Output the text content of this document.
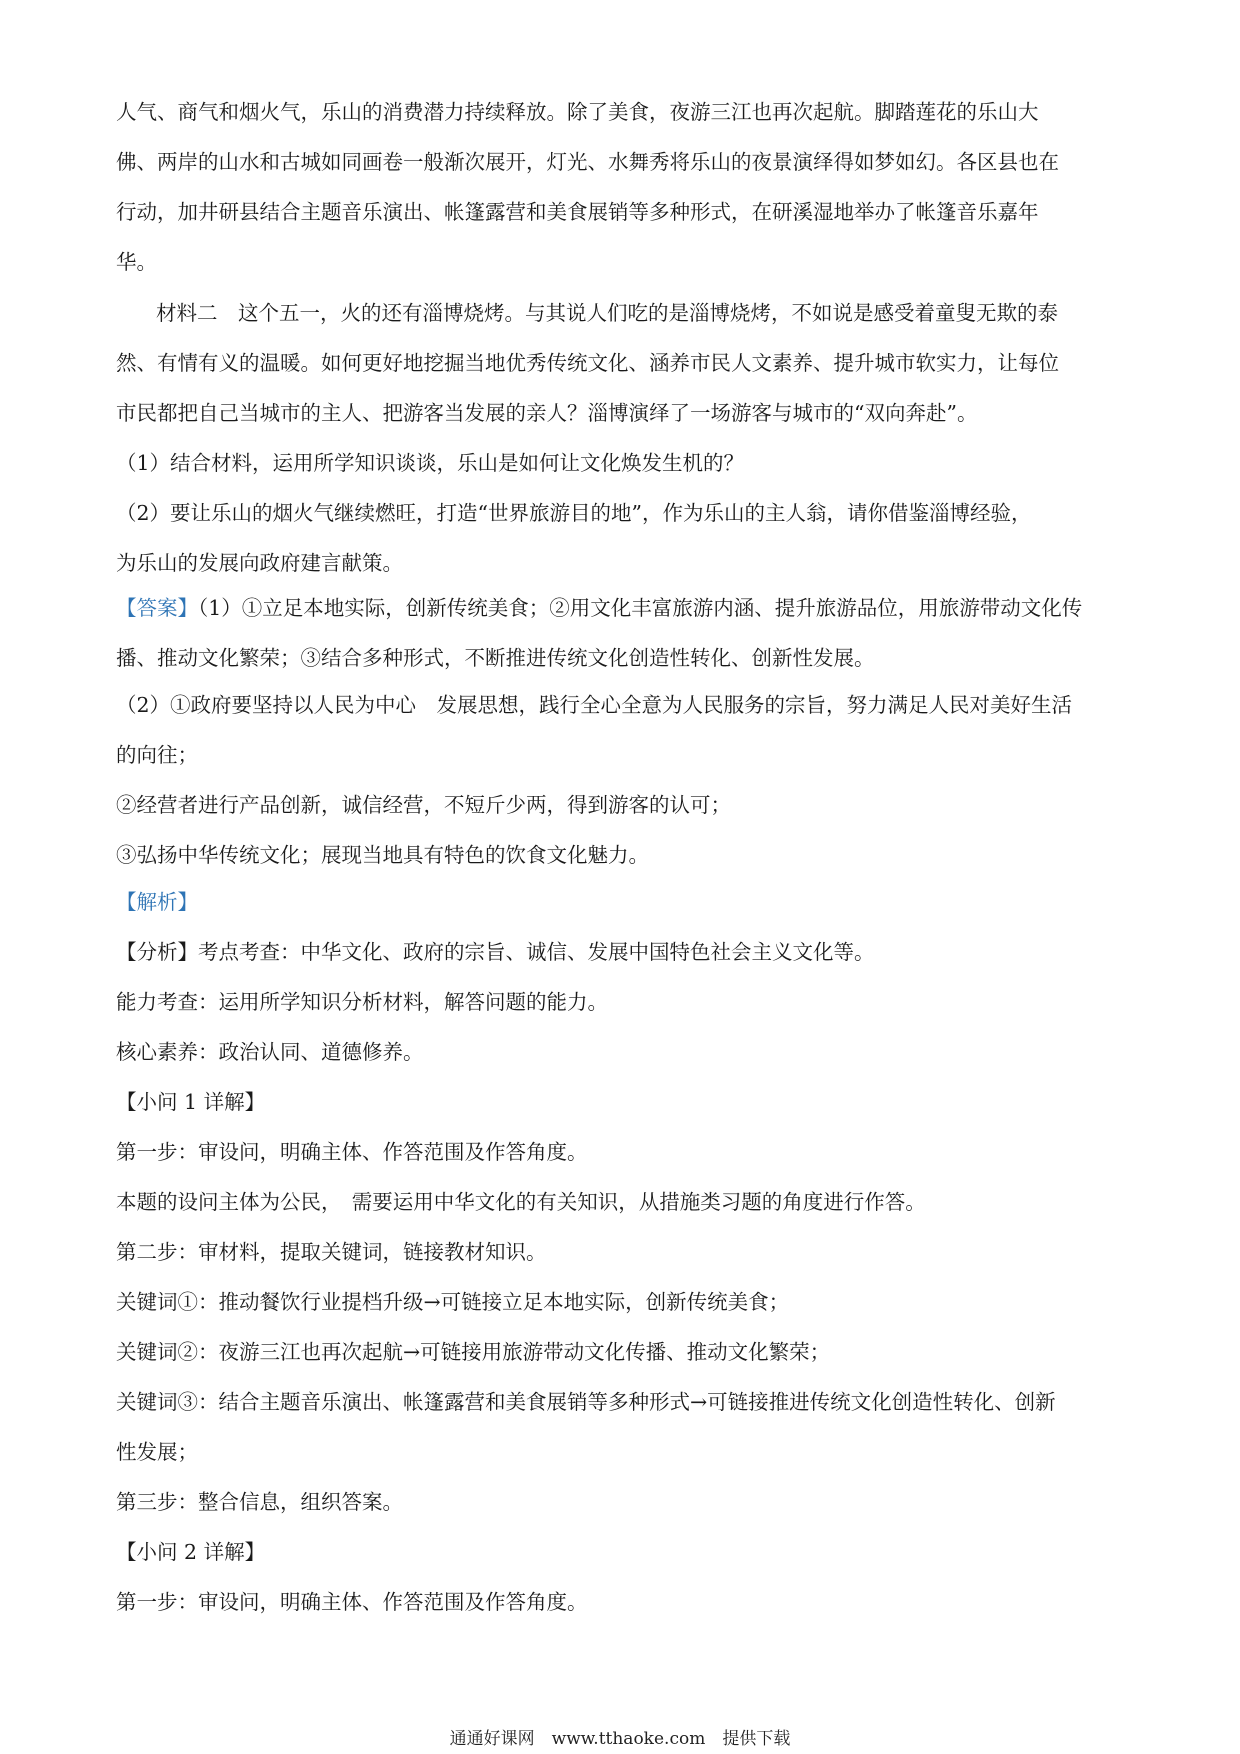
人气、商气和烟火气，乐山的消费潜力持续释放。除了美食，夜游三江也再次起航。脚踏莲花的乐山大
佛、两岸的山水和古城如同画卷一般渐次展开，灯光、水舞秀将乐山的夜景演绎得如梦如幻。各区县也在
行动，加井研县结合主题音乐演出、帐篷露营和美食展销等多种形式，在研溪湿地举办了帐篷音乐嘉年
华。

材料二　这个五一，火的还有淄博烧烤。与其说人们吃的是淄博烧烤，不如说是感受着童叟无欺的泰
然、有情有义的温暖。如何更好地挖掘当地优秀传统文化、涵养市民人文素养、提升城市软实力，让每位
市民都把自己当城市的主人、把游客当发展的亲人？淄博演绎了一场游客与城市的“双向奔赴”。

（1）结合材料，运用所学知识谈谈，乐山是如何让文化焕发生机的？

（2）要让乐山的烟火气继续燃旺，打造“世界旅游目的地”，作为乐山的主人翁，请你借鉴淄博经验，
为乐山的发展向政府建言献策。

【答案】（1）①立足本地实际，创新传统美食；②用文化丰富旅游内涵、提升旅游品位，用旅游带动文化传
播、推动文化繁荣；③结合多种形式，不断推进传统文化创造性转化、创新性发展。

（2）①政府要坚持以人民为中心　发展思想，践行全心全意为人民服务的宗旨，努力满足人民对美好生活
的向往；
②经营者进行产品创新，诚信经营，不短斤少两，得到游客的认可；
③弘扬中华传统文化；展现当地具有特色的饮食文化魅力。

【解析】

【分析】考点考查：中华文化、政府的宗旨、诚信、发展中国特色社会主义文化等。
能力考查：运用所学知识分析材料，解答问题的能力。
核心素养：政治认同、道德修养。
【小问 1 详解】
第一步：审设问，明确主体、作答范围及作答角度。
本题的设问主体为公民，　需要运用中华文化的有关知识，从措施类习题的角度进行作答。
第二步：审材料，提取关键词，链接教材知识。
关键词①：推动餐饮行业提档升级→可链接立足本地实际，创新传统美食；
关键词②：夜游三江也再次起航→可链接用旅游带动文化传播、推动文化繁荣；
关键词③：结合主题音乐演出、帐篷露营和美食展销等多种形式→可链接推进传统文化创造性转化、创新
性发展；
第三步：整合信息，组织答案。
【小问 2 详解】
第一步：审设问，明确主体、作答范围及作答角度。

通通好课网　www.tthaoke.com　提供下载
